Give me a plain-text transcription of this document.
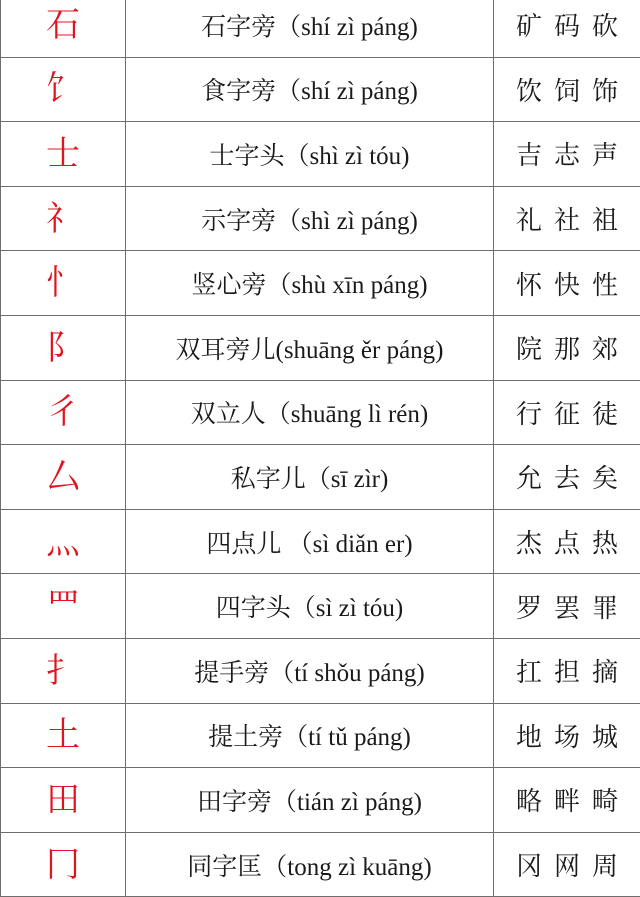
石	石字旁（shí zì páng)	矿码砍
饣	食字旁（shí zì páng)	饮饲饰
士	士字头（shì zì tóu)	吉志声
礻	示字旁（shì zì páng)	礼社祖
忄	竖心旁（shù xīn páng)	怀快性
阝	双耳旁儿(shuāng ěr páng)	院那郊
彳	双立人（shuāng lì rén)	行征徒
厶	私字儿（sī zìr)	允去矣
灬	四点儿 （sì diǎn er)	杰点热
罒	四字头（sì zì tóu)	罗罢罪
扌	提手旁（tí shǒu páng)	扛担摘
土	提土旁（tí tǔ páng)	地场城
田	田字旁（tián zì páng)	略畔畸
冂	同字匡（tong zì kuāng)	冈网周
